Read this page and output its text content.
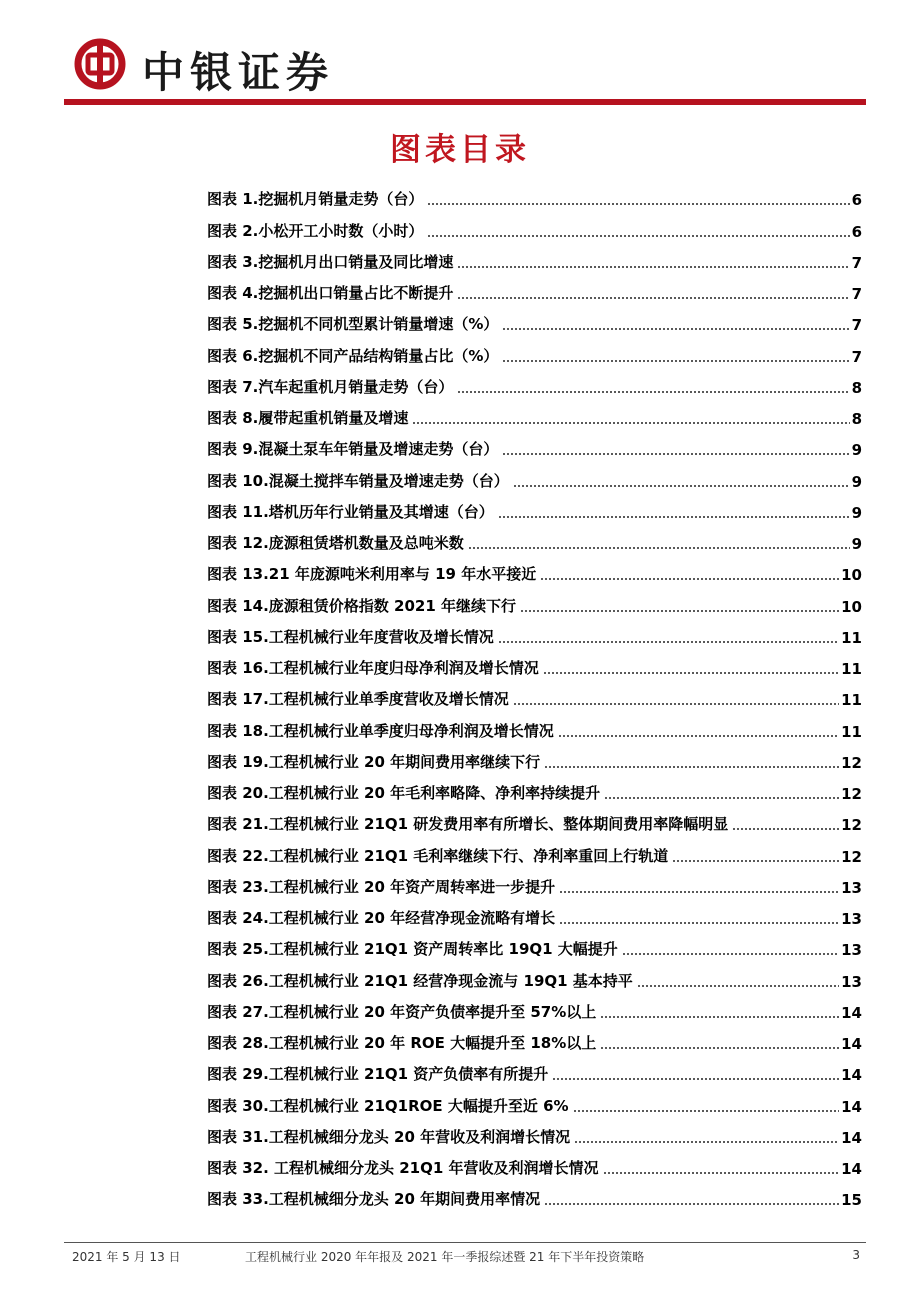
中银证券
图表目录
图表 1.挖掘机月销量走势（台）	6
图表 2.小松开工小时数（小时）	6
图表 3.挖掘机月出口销量及同比增速	7
图表 4.挖掘机出口销量占比不断提升	7
图表 5.挖掘机不同机型累计销量增速（%）	7
图表 6.挖掘机不同产品结构销量占比（%）	7
图表 7.汽车起重机月销量走势（台）	8
图表 8.履带起重机销量及增速	8
图表 9.混凝土泵车年销量及增速走势（台）	9
图表 10.混凝土搅拌车销量及增速走势（台）	9
图表 11.塔机历年行业销量及其增速（台）	9
图表 12.庞源租赁塔机数量及总吨米数	9
图表 13.21 年庞源吨米利用率与 19 年水平接近	10
图表 14.庞源租赁价格指数 2021 年继续下行	10
图表 15.工程机械行业年度营收及增长情况	11
图表 16.工程机械行业年度归母净利润及增长情况	11
图表 17.工程机械行业单季度营收及增长情况	11
图表 18.工程机械行业单季度归母净利润及增长情况	11
图表 19.工程机械行业 20 年期间费用率继续下行	12
图表 20.工程机械行业 20 年毛利率略降、净利率持续提升	12
图表 21.工程机械行业 21Q1 研发费用率有所增长、整体期间费用率降幅明显	12
图表 22.工程机械行业 21Q1 毛利率继续下行、净利率重回上行轨道	12
图表 23.工程机械行业 20 年资产周转率进一步提升	13
图表 24.工程机械行业 20 年经营净现金流略有增长	13
图表 25.工程机械行业 21Q1 资产周转率比 19Q1 大幅提升	13
图表 26.工程机械行业 21Q1 经营净现金流与 19Q1 基本持平	13
图表 27.工程机械行业 20 年资产负债率提升至 57%以上	14
图表 28.工程机械行业 20 年 ROE 大幅提升至 18%以上	14
图表 29.工程机械行业 21Q1 资产负债率有所提升	14
图表 30.工程机械行业 21Q1ROE 大幅提升至近 6%	14
图表 31.工程机械细分龙头 20 年营收及利润增长情况	14
图表 32. 工程机械细分龙头 21Q1 年营收及利润增长情况	14
图表 33.工程机械细分龙头 20 年期间费用率情况	15
2021 年 5 月 13 日	工程机械行业 2020 年年报及 2021 年一季报综述暨 21 年下半年投资策略	3
